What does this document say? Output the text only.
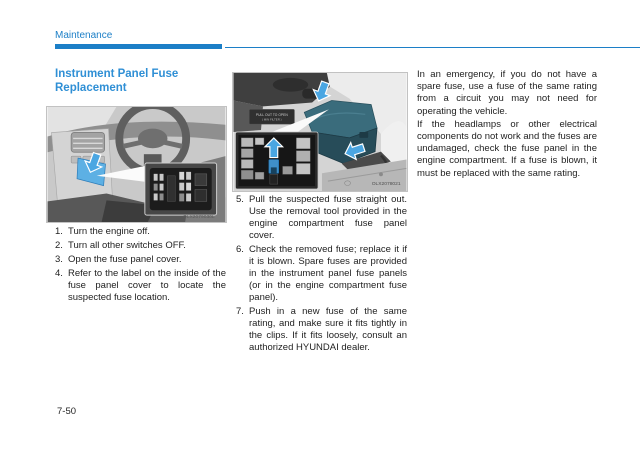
Maintenance
Instrument Panel Fuse Replacement
OLX2079030L
1. Turn the engine off.
2. Turn all other switches OFF.
3. Open the fuse panel cover.
4. Refer to the label on the inside of the fuse panel cover to locate the suspected fuse location.
PULL OUT TO OPEN
( MIN FILTER )
OLX2078021
5. Pull the suspected fuse straight out. Use the removal tool provided in the engine compartment fuse panel cover.
6. Check the removed fuse; replace it if it is blown. Spare fuses are provided in the instrument panel fuse panels (or in the engine compartment fuse panel).
7. Push in a new fuse of the same rating, and make sure it fits tightly in the clips. If it fits loosely, consult an authorized HYUNDAI dealer.

In an emergency, if you do not have a spare fuse, use a fuse of the same rating from a circuit you may not need for operating the vehicle.

If the headlamps or other electrical components do not work and the fuses are undamaged, check the fuse panel in the engine compartment. If a fuse is blown, it must be replaced with the same rating.

7-50
